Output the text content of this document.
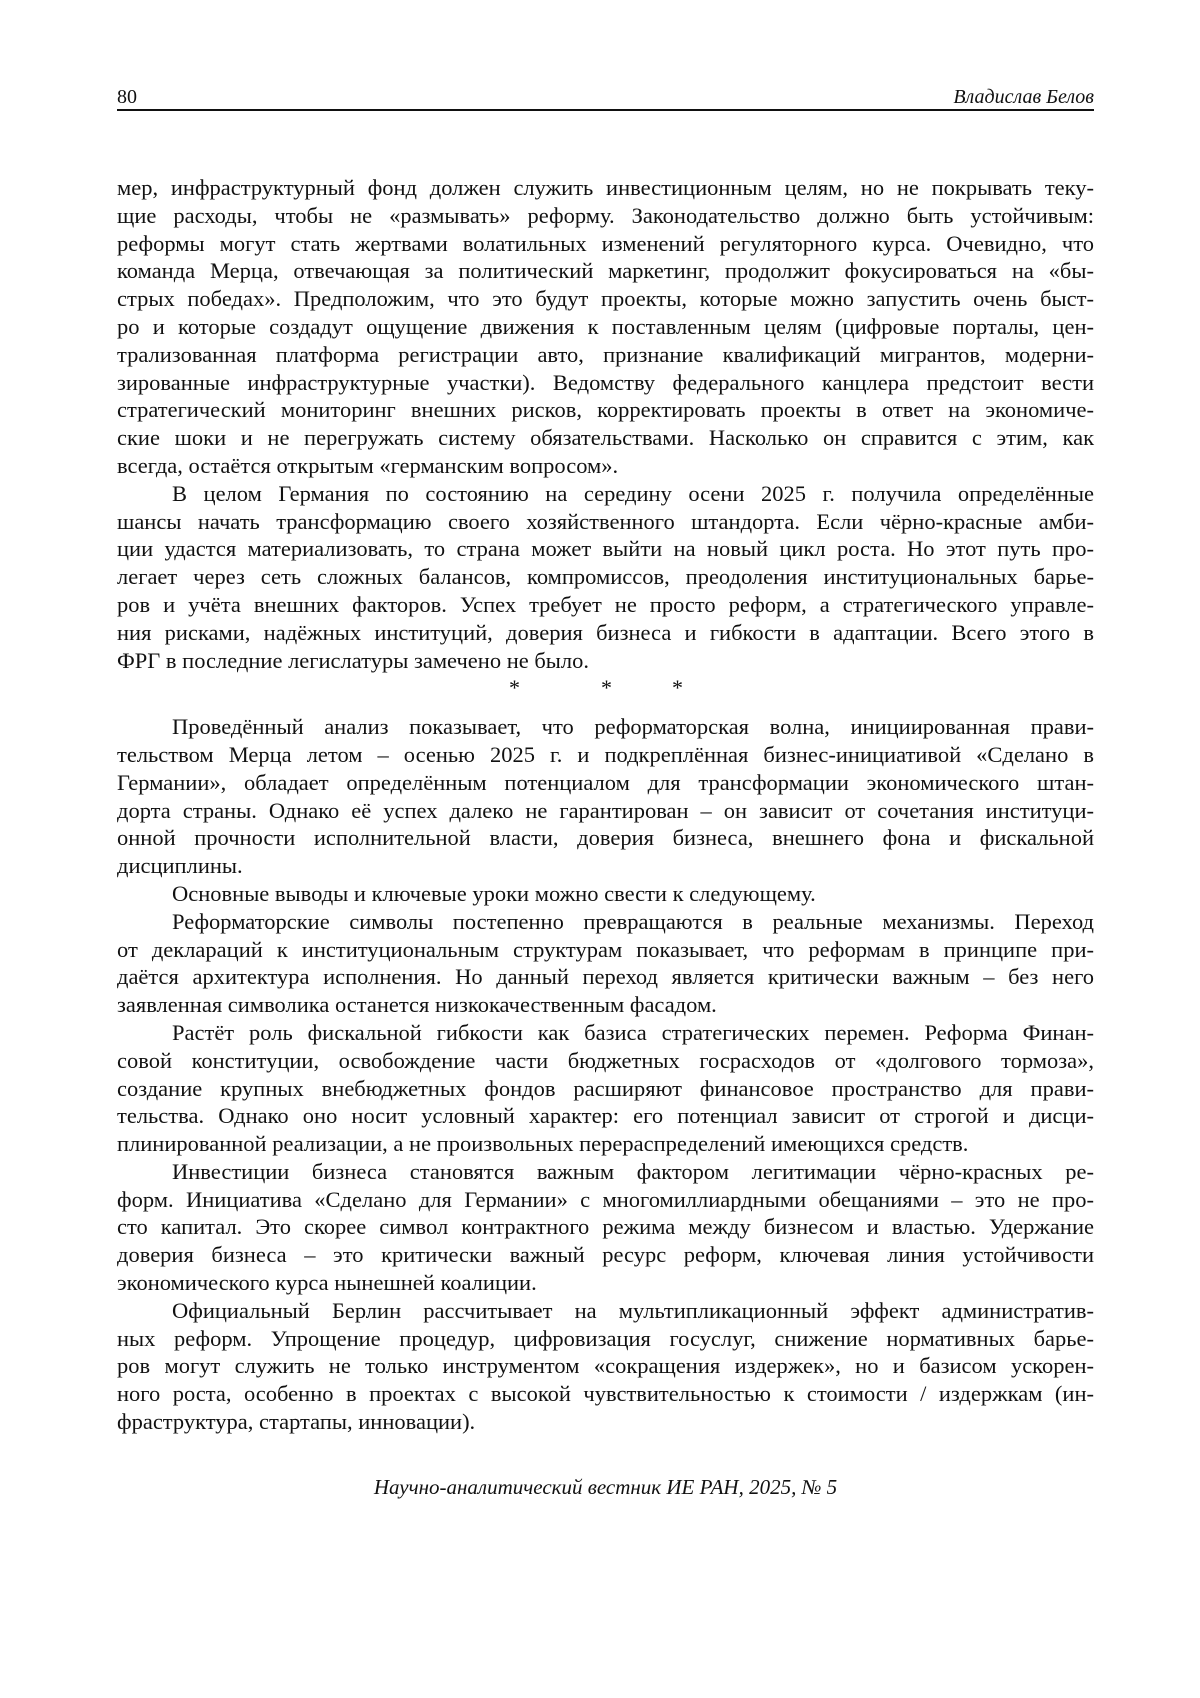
80	Владислав Белов
мер, инфраструктурный фонд должен служить инвестиционным целям, но не покрывать теку-
щие расходы, чтобы не «размывать» реформу. Законодательство должно быть устойчивым:
реформы могут стать жертвами волатильных изменений регуляторного курса. Очевидно, что
команда Мерца, отвечающая за политический маркетинг, продолжит фокусироваться на «бы-
стрых победах». Предположим, что это будут проекты, которые можно запустить очень быст-
ро и которые создадут ощущение движения к поставленным целям (цифровые порталы, цен-
трализованная платформа регистрации авто, признание квалификаций мигрантов, модерни-
зированные инфраструктурные участки). Ведомству федерального канцлера предстоит вести
стратегический мониторинг внешних рисков, корректировать проекты в ответ на экономиче-
ские шоки и не перегружать систему обязательствами. Насколько он справится с этим, как
всегда, остаётся открытым «германским вопросом».
В целом Германия по состоянию на середину осени 2025 г. получила определённые
шансы начать трансформацию своего хозяйственного штандорта. Если чёрно-красные амби-
ции удастся материализовать, то страна может выйти на новый цикл роста. Но этот путь про-
легает через сеть сложных балансов, компромиссов, преодоления институциональных барье-
ров и учёта внешних факторов. Успех требует не просто реформ, а стратегического управле-
ния рисками, надёжных институций, доверия бизнеса и гибкости в адаптации. Всего этого в
ФРГ в последние легислатуры замечено не было.
*	*	*
Проведённый анализ показывает, что реформаторская волна, инициированная прави-
тельством Мерца летом – осенью 2025 г. и подкреплённая бизнес-инициативой «Сделано в
Германии», обладает определённым потенциалом для трансформации экономического штан-
дорта страны. Однако её успех далеко не гарантирован – он зависит от сочетания институци-
онной прочности исполнительной власти, доверия бизнеса, внешнего фона и фискальной
дисциплины.
Основные выводы и ключевые уроки можно свести к следующему.
Реформаторские символы постепенно превращаются в реальные механизмы. Переход
от деклараций к институциональным структурам показывает, что реформам в принципе при-
даётся архитектура исполнения. Но данный переход является критически важным – без него
заявленная символика останется низкокачественным фасадом.
Растёт роль фискальной гибкости как базиса стратегических перемен. Реформа Финан-
совой конституции, освобождение части бюджетных госрасходов от «долгового тормоза»,
создание крупных внебюджетных фондов расширяют финансовое пространство для прави-
тельства. Однако оно носит условный характер: его потенциал зависит от строгой и дисци-
плинированной реализации, а не произвольных перераспределений имеющихся средств.
Инвестиции бизнеса становятся важным фактором легитимации чёрно-красных ре-
форм. Инициатива «Сделано для Германии» с многомиллиардными обещаниями – это не про-
сто капитал. Это скорее символ контрактного режима между бизнесом и властью. Удержание
доверия бизнеса – это критически важный ресурс реформ, ключевая линия устойчивости
экономического курса нынешней коалиции.
Официальный Берлин рассчитывает на мультипликационный эффект административ-
ных реформ. Упрощение процедур, цифровизация госуслуг, снижение нормативных барье-
ров могут служить не только инструментом «сокращения издержек», но и базисом ускорен-
ного роста, особенно в проектах с высокой чувствительностью к стоимости / издержкам (ин-
фраструктура, стартапы, инновации).
Научно-аналитический вестник ИЕ РАН, 2025, № 5
